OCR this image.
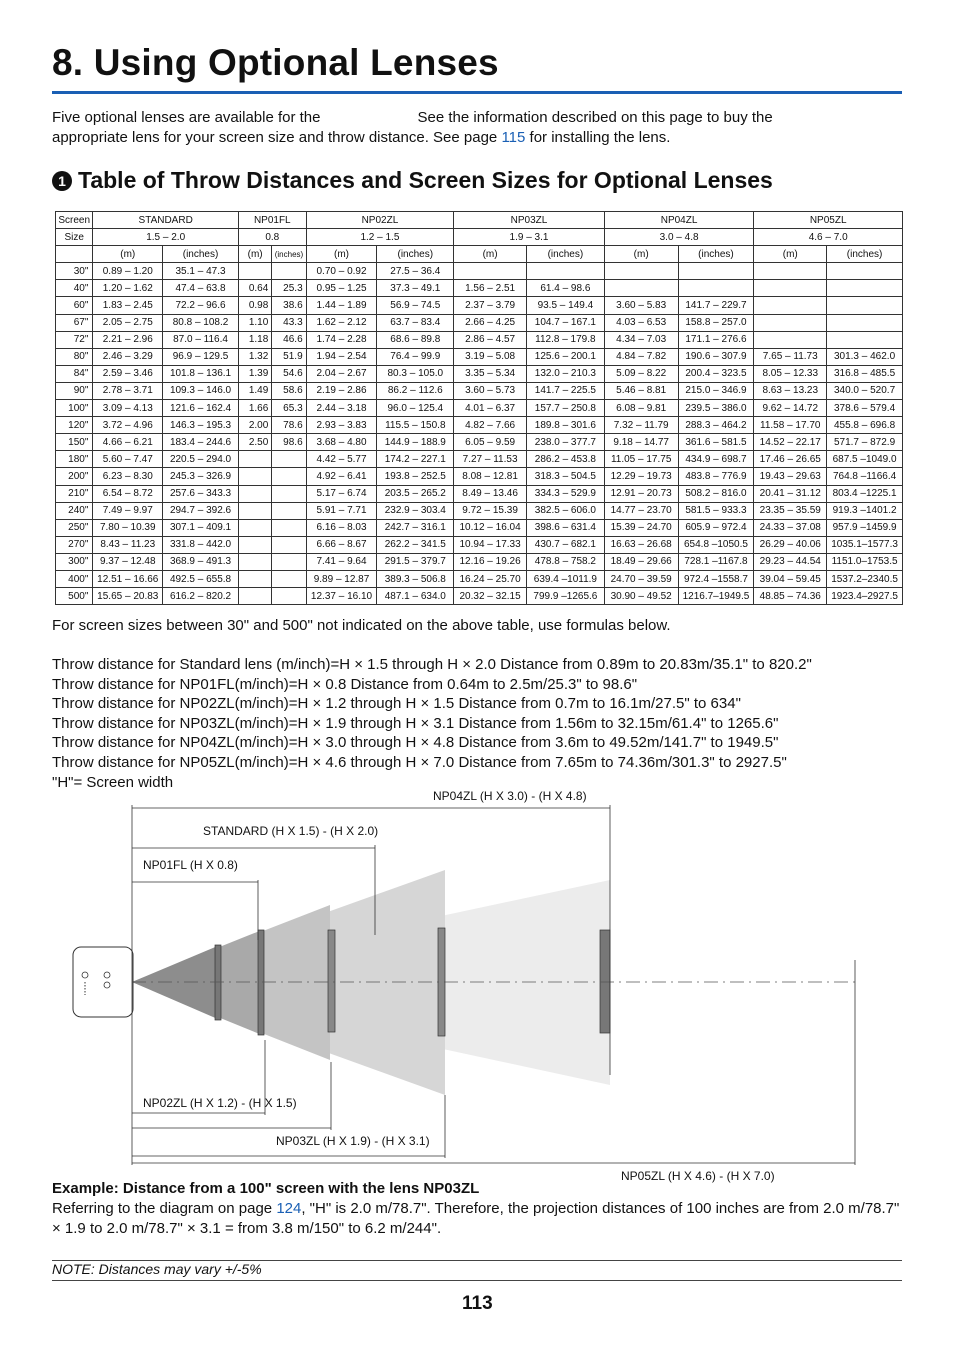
8. Using Optional Lenses
Five optional lenses are available for the	See the information described on this page to buy the
appropriate lens for your screen size and throw distance. See page 115 for installing the lens.
1 Table of Throw Distances and Screen Sizes for Optional Lenses
Screen	STANDARD		NP01FL		NP02ZL		NP03ZL		NP04ZL		NP05ZL	
Size	1.5 – 2.0		0.8		1.2 – 1.5		1.9 – 3.1		3.0 – 4.8		4.6 – 7.0	
	(m)	(inches)	(m)	(inches)	(m)	(inches)	(m)	(inches)	(m)	(inches)	(m)	(inches)
30"	0.89 – 1.20	35.1 – 47.3			0.70 – 0.92	27.5 – 36.4						
40"	1.20 – 1.62	47.4 – 63.8	0.64	25.3	0.95 – 1.25	37.3 – 49.1	1.56 – 2.51	61.4 – 98.6				
60"	1.83 – 2.45	72.2 – 96.6	0.98	38.6	1.44 – 1.89	56.9 – 74.5	2.37 – 3.79	93.5 – 149.4	3.60 – 5.83	141.7 – 229.7		
67"	2.05 – 2.75	80.8 – 108.2	1.10	43.3	1.62 – 2.12	63.7 – 83.4	2.66 – 4.25	104.7 – 167.1	4.03 – 6.53	158.8 – 257.0		
72"	2.21 – 2.96	87.0 – 116.4	1.18	46.6	1.74 – 2.28	68.6 – 89.8	2.86 – 4.57	112.8 – 179.8	4.34 – 7.03	171.1 – 276.6		
80"	2.46 – 3.29	96.9 – 129.5	1.32	51.9	1.94 – 2.54	76.4 – 99.9	3.19 – 5.08	125.6 – 200.1	4.84 – 7.82	190.6 – 307.9	7.65 – 11.73	301.3 – 462.0
84"	2.59 – 3.46	101.8 – 136.1	1.39	54.6	2.04 – 2.67	80.3 – 105.0	3.35 – 5.34	132.0 – 210.3	5.09 – 8.22	200.4 – 323.5	8.05 – 12.33	316.8 – 485.5
90"	2.78 – 3.71	109.3 – 146.0	1.49	58.6	2.19 – 2.86	86.2 – 112.6	3.60 – 5.73	141.7 – 225.5	5.46 – 8.81	215.0 – 346.9	8.63 – 13.23	340.0 – 520.7
100"	3.09 – 4.13	121.6 – 162.4	1.66	65.3	2.44 – 3.18	96.0 – 125.4	4.01 – 6.37	157.7 – 250.8	6.08 – 9.81	239.5 – 386.0	9.62 – 14.72	378.6 – 579.4
120"	3.72 – 4.96	146.3 – 195.3	2.00	78.6	2.93 – 3.83	115.5 – 150.8	4.82 – 7.66	189.8 – 301.6	7.32 – 11.79	288.3 – 464.2	11.58 – 17.70	455.8 – 696.8
150"	4.66 – 6.21	183.4 – 244.6	2.50	98.6	3.68 – 4.80	144.9 – 188.9	6.05 – 9.59	238.0 – 377.7	9.18 – 14.77	361.6 – 581.5	14.52 – 22.17	571.7 – 872.9
180"	5.60 – 7.47	220.5 – 294.0			4.42 – 5.77	174.2 – 227.1	7.27 – 11.53	286.2 – 453.8	11.05 – 17.75	434.9 – 698.7	17.46 – 26.65	687.5 –1049.0
200"	6.23 – 8.30	245.3 – 326.9			4.92 – 6.41	193.8 – 252.5	8.08 – 12.81	318.3 – 504.5	12.29 – 19.73	483.8 – 776.9	19.43 – 29.63	764.8 –1166.4
210"	6.54 – 8.72	257.6 – 343.3			5.17 – 6.74	203.5 – 265.2	8.49 – 13.46	334.3 – 529.9	12.91 – 20.73	508.2 – 816.0	20.41 – 31.12	803.4 –1225.1
240"	7.49 – 9.97	294.7 – 392.6			5.91 – 7.71	232.9 – 303.4	9.72 – 15.39	382.5 – 606.0	14.77 – 23.70	581.5 – 933.3	23.35 – 35.59	919.3 –1401.2
250"	7.80 – 10.39	307.1 – 409.1			6.16 – 8.03	242.7 – 316.1	10.12 – 16.04	398.6 – 631.4	15.39 – 24.70	605.9 – 972.4	24.33 – 37.08	957.9 –1459.9
270"	8.43 – 11.23	331.8 – 442.0			6.66 – 8.67	262.2 – 341.5	10.94 – 17.33	430.7 – 682.1	16.63 – 26.68	654.8 –1050.5	26.29 – 40.06	1035.1–1577.3
300"	9.37 – 12.48	368.9 – 491.3			7.41 – 9.64	291.5 – 379.7	12.16 – 19.26	478.8 – 758.2	18.49 – 29.66	728.1 –1167.8	29.23 – 44.54	1151.0–1753.5
400"	12.51 – 16.66	492.5 – 655.8			9.89 – 12.87	389.3 – 506.8	16.24 – 25.70	639.4 –1011.9	24.70 – 39.59	972.4 –1558.7	39.04 – 59.45	1537.2–2340.5
500"	15.65 – 20.83	616.2 – 820.2			12.37 – 16.10	487.1 – 634.0	20.32 – 32.15	799.9 –1265.6	30.90 – 49.52	1216.7–1949.5	48.85 – 74.36	1923.4–2927.5
For screen sizes between 30" and 500" not indicated on the above table, use formulas below.
Throw distance for Standard lens (m/inch)=H × 1.5 through H × 2.0 Distance from 0.89m to 20.83m/35.1" to 820.2"
Throw distance for NP01FL(m/inch)=H × 0.8 Distance from 0.64m to 2.5m/25.3" to 98.6"
Throw distance for NP02ZL(m/inch)=H × 1.2 through H × 1.5 Distance from 0.7m to 16.1m/27.5" to 634"
Throw distance for NP03ZL(m/inch)=H × 1.9 through H × 3.1 Distance from 1.56m to 32.15m/61.4" to 1265.6"
Throw distance for NP04ZL(m/inch)=H × 3.0 through H × 4.8 Distance from 3.6m to 49.52m/141.7" to 1949.5"
Throw distance for NP05ZL(m/inch)=H × 4.6 through H × 7.0 Distance from 7.65m to 74.36m/301.3" to 2927.5"
"H"= Screen width
NP04ZL (H X 3.0) - (H X 4.8)
STANDARD (H X 1.5) - (H X 2.0)
NP01FL (H X 0.8)
NP02ZL (H X 1.2) - (H X 1.5)
NP03ZL (H X 1.9) - (H X 3.1)
NP05ZL (H X 4.6) - (H X 7.0)
Example: Distance from a 100" screen with the lens NP03ZL
Referring to the diagram on page 124, "H" is 2.0 m/78.7". Therefore, the projection distances of 100 inches are from 2.0 m/78.7" × 1.9 to 2.0 m/78.7" × 3.1 = from 3.8 m/150" to 6.2 m/244".
NOTE: Distances may vary +/-5%
113
